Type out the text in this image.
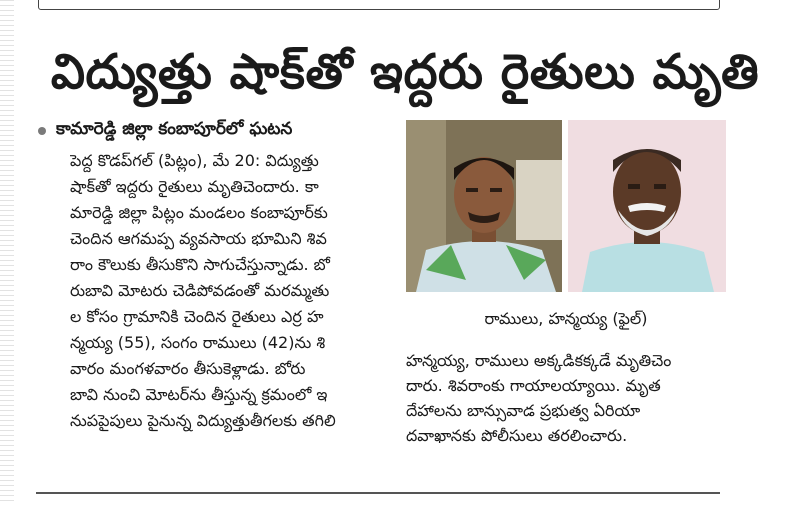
విద్యుత్తు షాక్‌తో ఇద్దరు రైతులు మృతి
కామారెడ్డి జిల్లా కంబాపూర్‌లో ఘటన
పెద్ద కొడప్‌గల్ (పిట్లం), మే 20: విద్యుత్తు
షాక్‌తో ఇద్దరు రైతులు మృతిచెందారు. కా
మారెడ్డి జిల్లా పిట్లం మండలం కంబాపూర్‌కు
చెందిన ఆగమప్ప వ్యవసాయ భూమిని శివ
రాం కౌలుకు తీసుకొని సాగుచేస్తున్నాడు. బో
రుబావి మోటరు చెడిపోవడంతో మరమ్మతు
ల కోసం గ్రామానికి చెందిన రైతులు ఎర్ర హ
న్మయ్య (55), సంగం రాములు (42)ను శి
వారం మంగళవారం తీసుకెళ్లాడు. బోరు
బావి నుంచి మోటర్‌ను తీస్తున్న క్రమంలో ఇ
నుపపైపులు పైనున్న విద్యుత్తుతీగలకు తగిలి
రాములు, హన్మయ్య (ఫైల్)
హన్మయ్య, రాములు అక్కడికక్కడే మృతిచెం
దారు. శివరాంకు గాయాలయ్యాయి. మృత
దేహాలను బాన్సువాడ ప్రభుత్వ ఏరియా
దవాఖానకు పోలీసులు తరలించారు.
